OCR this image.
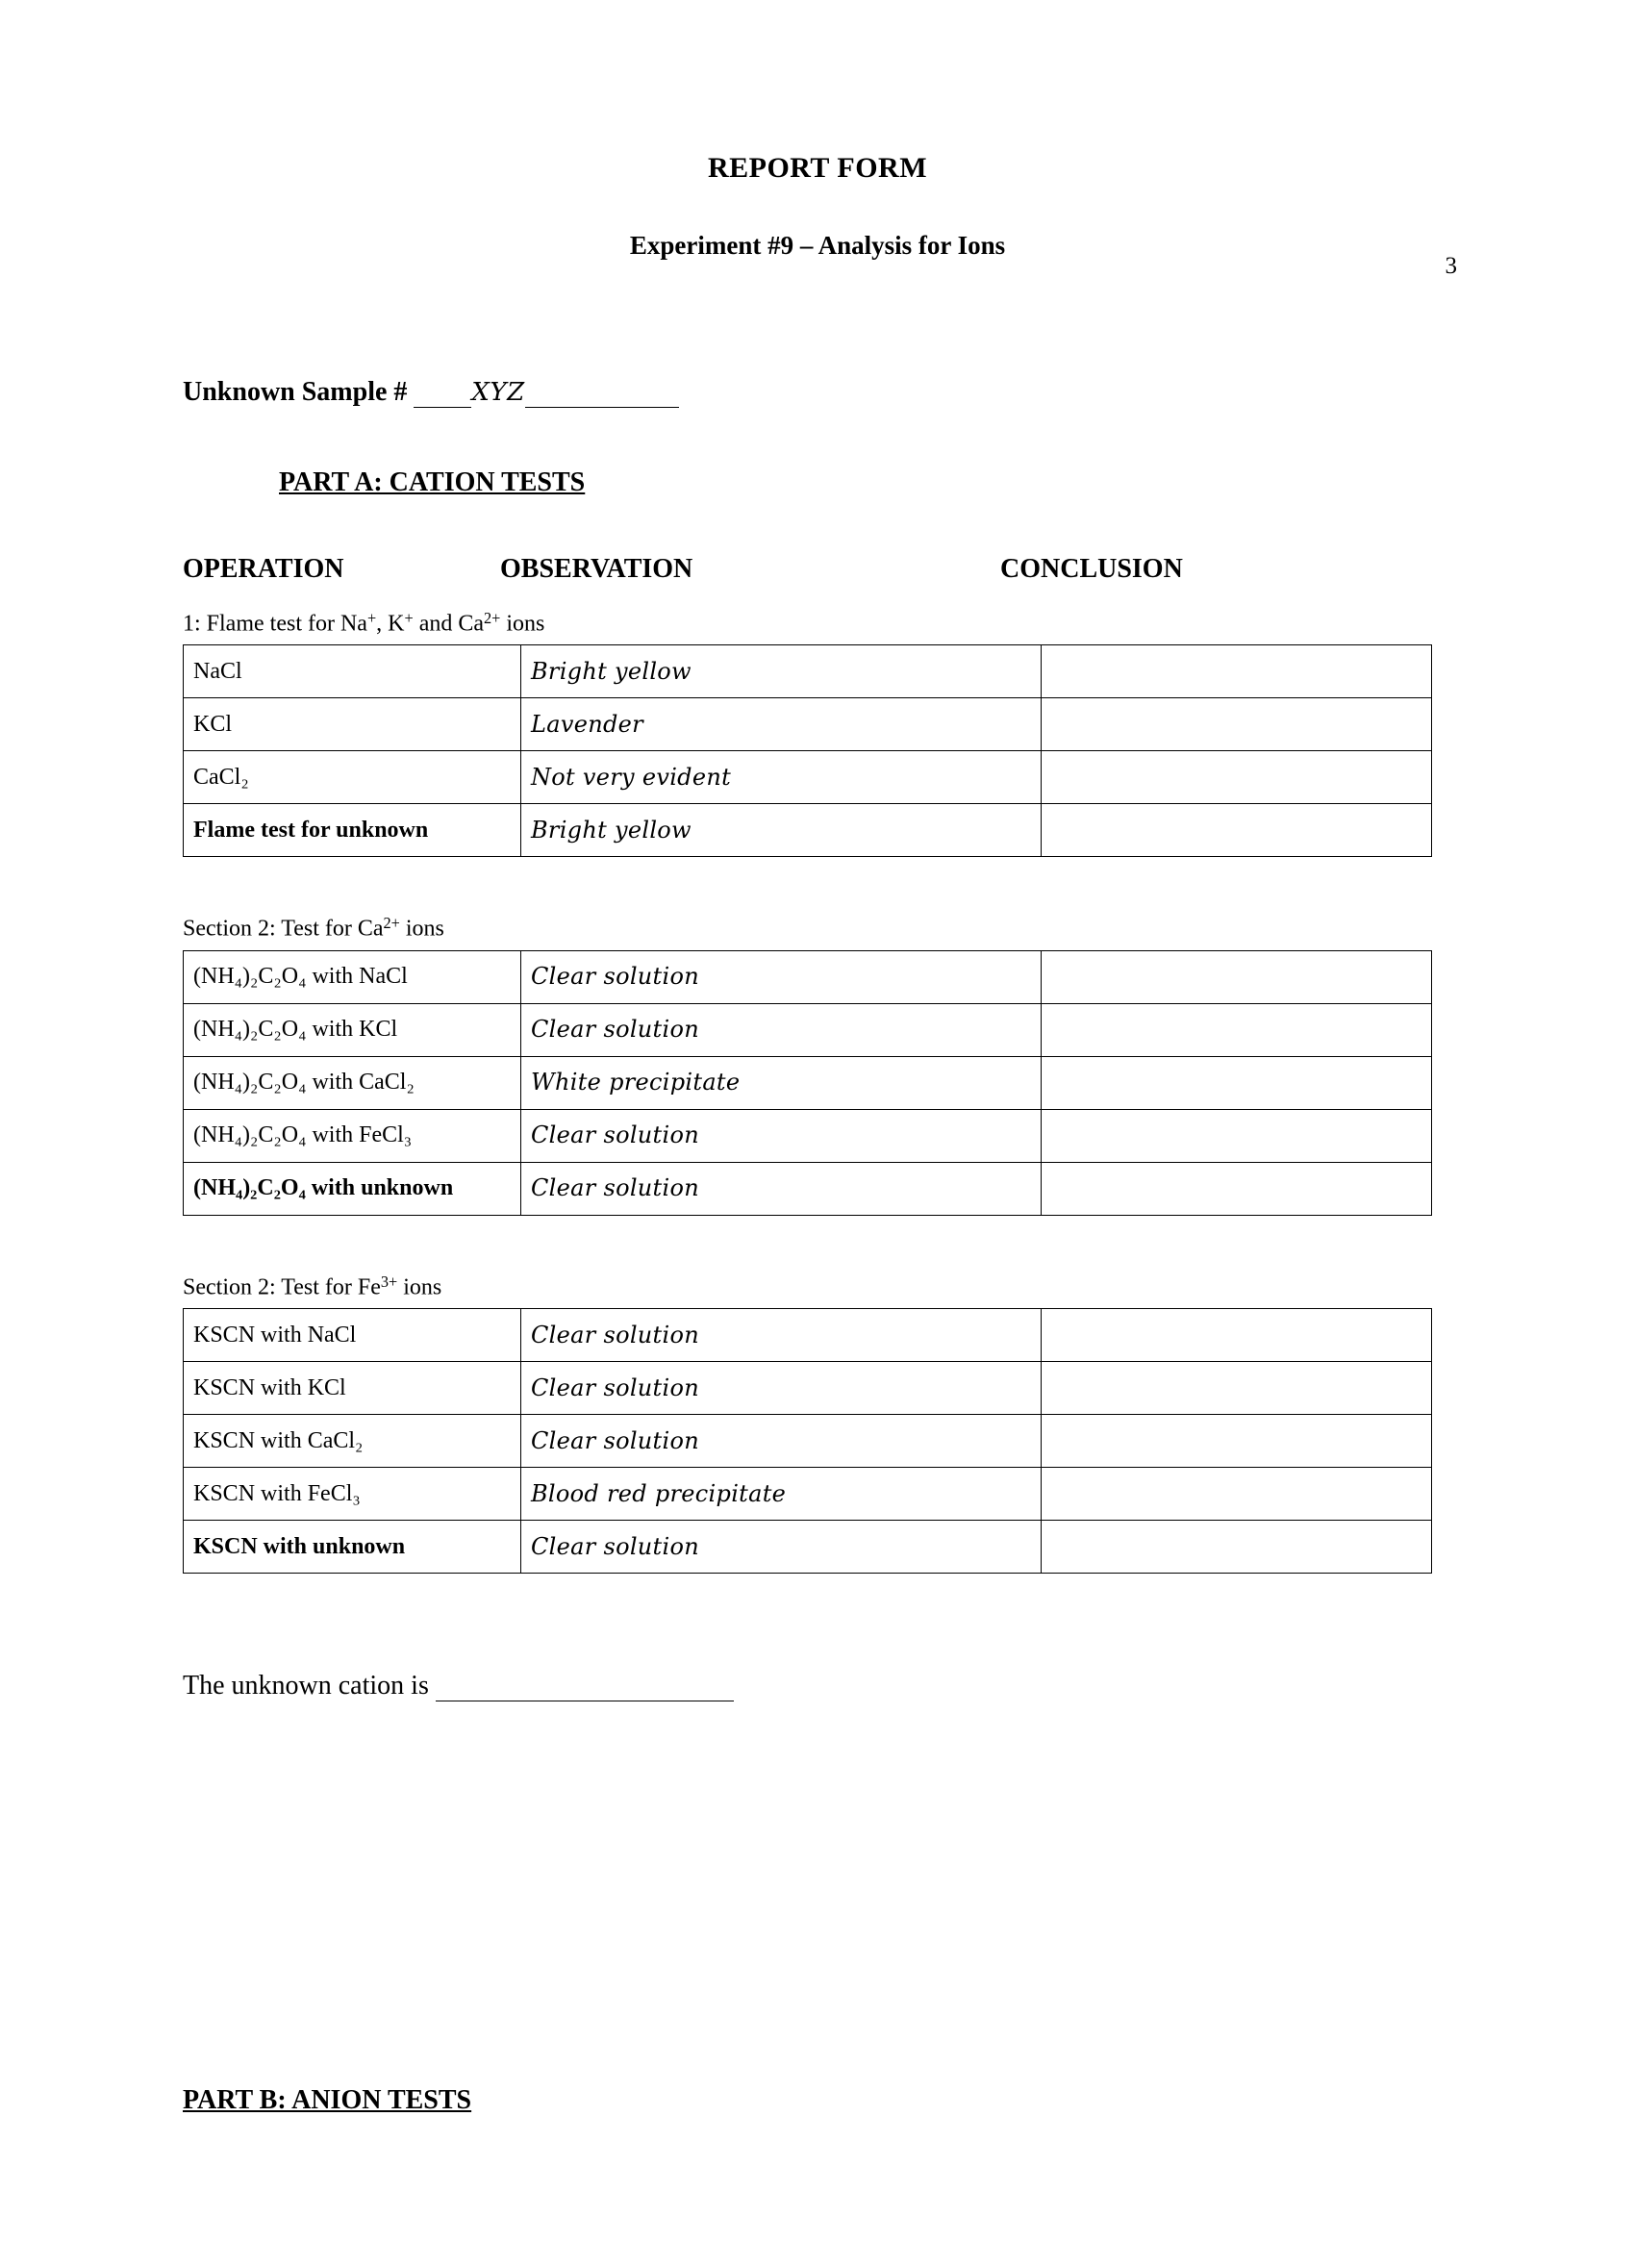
3
REPORT FORM
Experiment #9 – Analysis for Ions
Unknown Sample #	XYZ
PART A: CATION TESTS
OPERATION	OBSERVATION	CONCLUSION
1: Flame test for Na+, K+ and $Ca^{2+}$ ions
NaCl	Bright yellow	
KCl	Lavender	
CaCl₂	Not very evident	
Flame test for unknown	Bright yellow	
Section 2: Test for $Ca^{2+}$ ions
(NH₄)₂C₂O₄ with NaCl	Clear solution	
(NH₄)₂C₂O₄ with KCl	Clear solution	
(NH₄)₂C₂O₄ with CaCl₂	White precipitate	
(NH₄)₂C₂O₄ with FeCl₃	Clear solution	
(NH₄)₂C₂O₄ with unknown	Clear solution	
Section 2: Test for $Fe^{3+}$ ions
KSCN with NaCl	Clear solution	
KSCN with KCl	Clear solution	
KSCN with CaCl₂	Clear solution	
KSCN with FeCl₃	Blood red precipitate	
KSCN with unknown	Clear solution	
The unknown cation is
PART B: ANION TESTS
